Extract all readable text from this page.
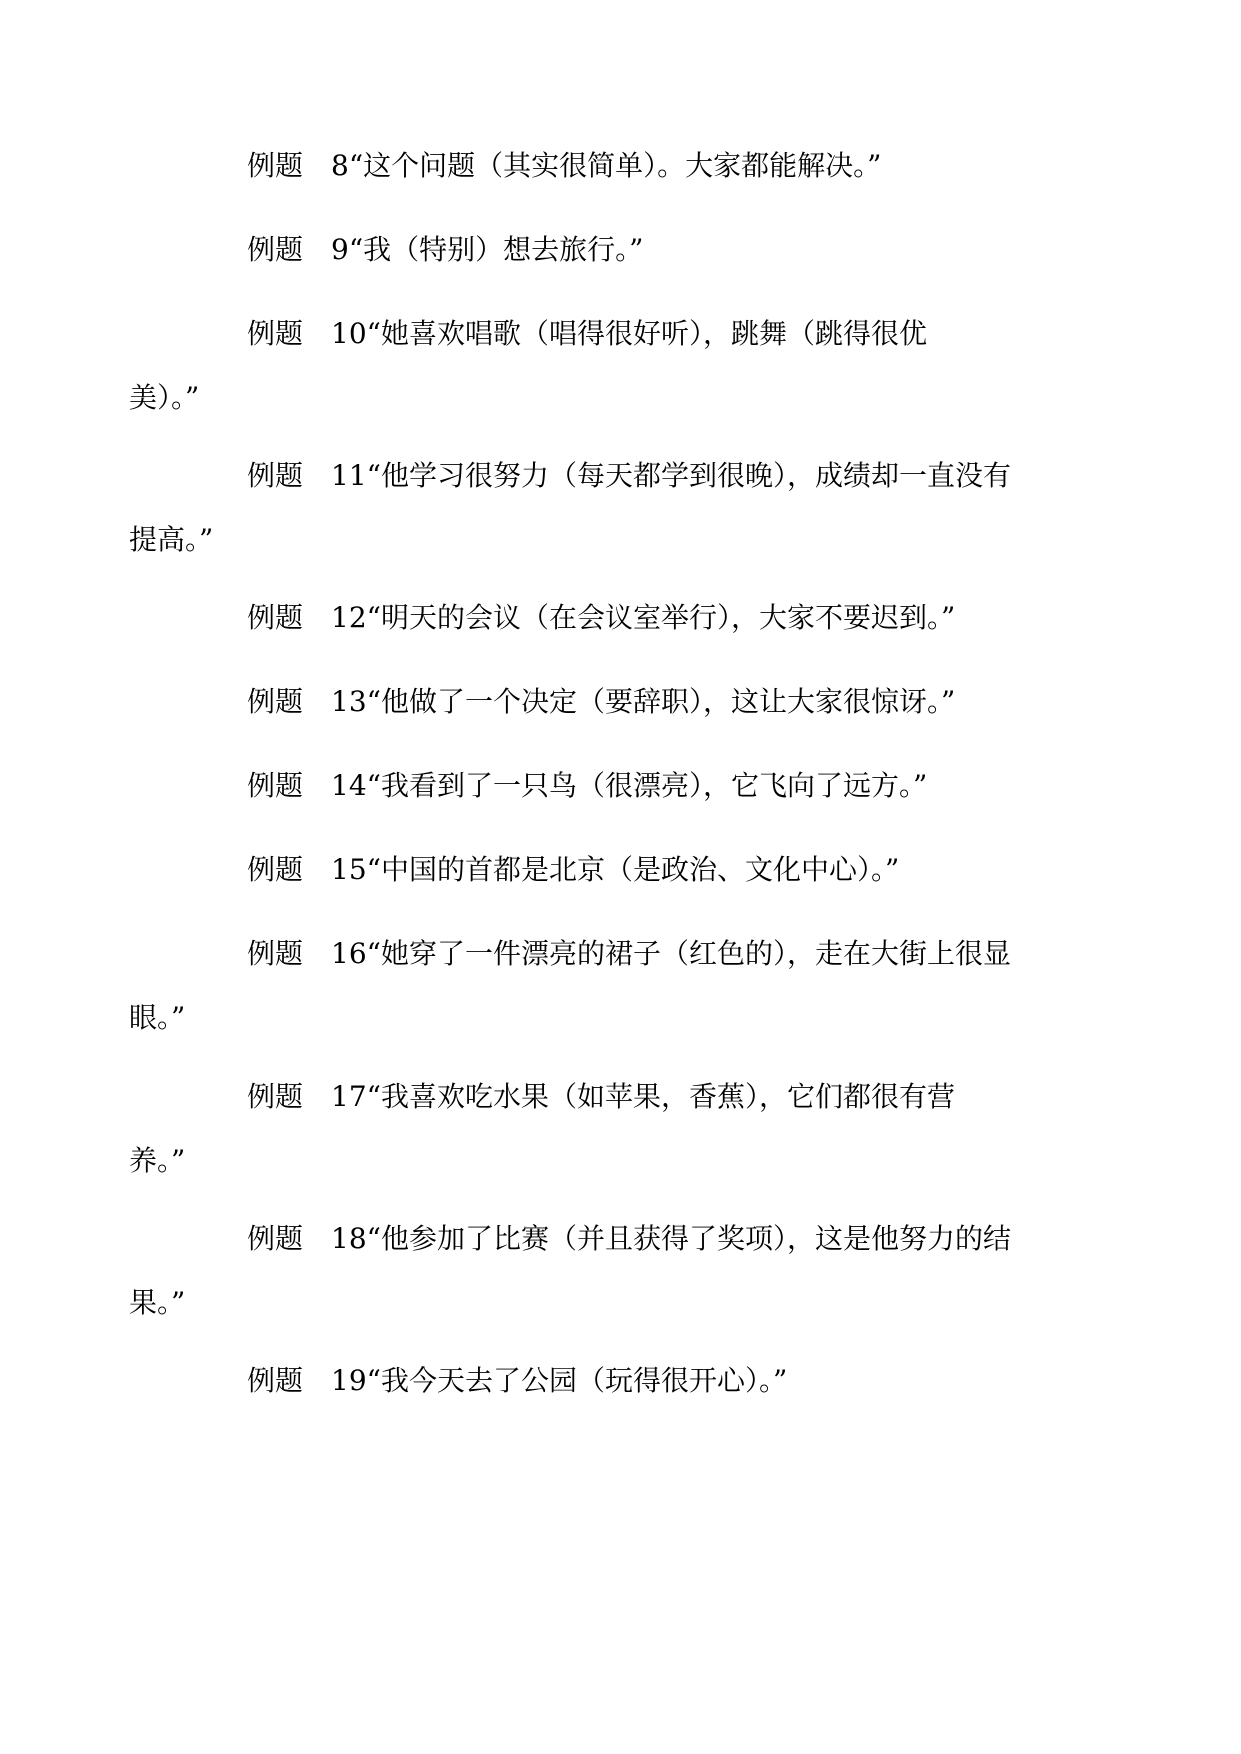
例题 8“这个问题（其实很简单）。大家都能解决。”

例题 9“我（特别）想去旅行。”

例题 10“她喜欢唱歌（唱得很好听），跳舞（跳得很优
美）。”

例题 11“他学习很努力（每天都学到很晚），成绩却一直没有
提高。”

例题 12“明天的会议（在会议室举行），大家不要迟到。”

例题 13“他做了一个决定（要辞职），这让大家很惊讶。”

例题 14“我看到了一只鸟（很漂亮），它飞向了远方。”

例题 15“中国的首都是北京（是政治、文化中心）。”

例题 16“她穿了一件漂亮的裙子（红色的），走在大街上很显
眼。”

例题 17“我喜欢吃水果（如苹果，香蕉），它们都很有营
养。”

例题 18“他参加了比赛（并且获得了奖项），这是他努力的结
果。”

例题 19“我今天去了公园（玩得很开心）。”
